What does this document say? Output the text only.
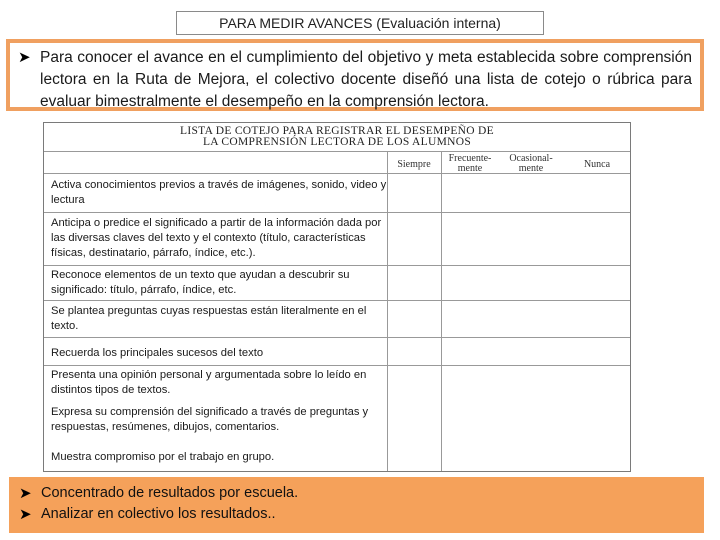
PARA MEDIR AVANCES (Evaluación interna)
➤ Para conocer el avance en el cumplimiento del objetivo y meta establecida sobre comprensión lectora en la Ruta de Mejora, el colectivo docente diseñó una lista de cotejo o rúbrica para evaluar bimestralmente el desempeño en la comprensión lectora.
LISTA DE COTEJO PARA REGISTRAR EL DESEMPEÑO DE
LA COMPRENSIÓN LECTORA DE LOS ALUMNOS
Siempre
Frecuente-
mente
Ocasional-
mente	Nunca
Activa conocimientos previos a través de imágenes, sonido, video y lectura
Anticipa o predice el significado a partir de la información dada por las diversas claves del texto y el contexto (título, características físicas, destinatario, párrafo, índice, etc.).
Reconoce elementos de un texto que ayudan a descubrir su significado: título, párrafo, índice, etc.
Se plantea preguntas cuyas respuestas están literalmente en el texto.
Recuerda los principales sucesos del texto
Presenta una opinión personal y argumentada sobre lo leído en distintos tipos de textos.
Expresa su comprensión del significado a través de preguntas y respuestas, resúmenes, dibujos, comentarios.
Muestra compromiso por el trabajo en grupo.
➤ Concentrado de resultados por escuela.
➤ Analizar en colectivo los resultados..
